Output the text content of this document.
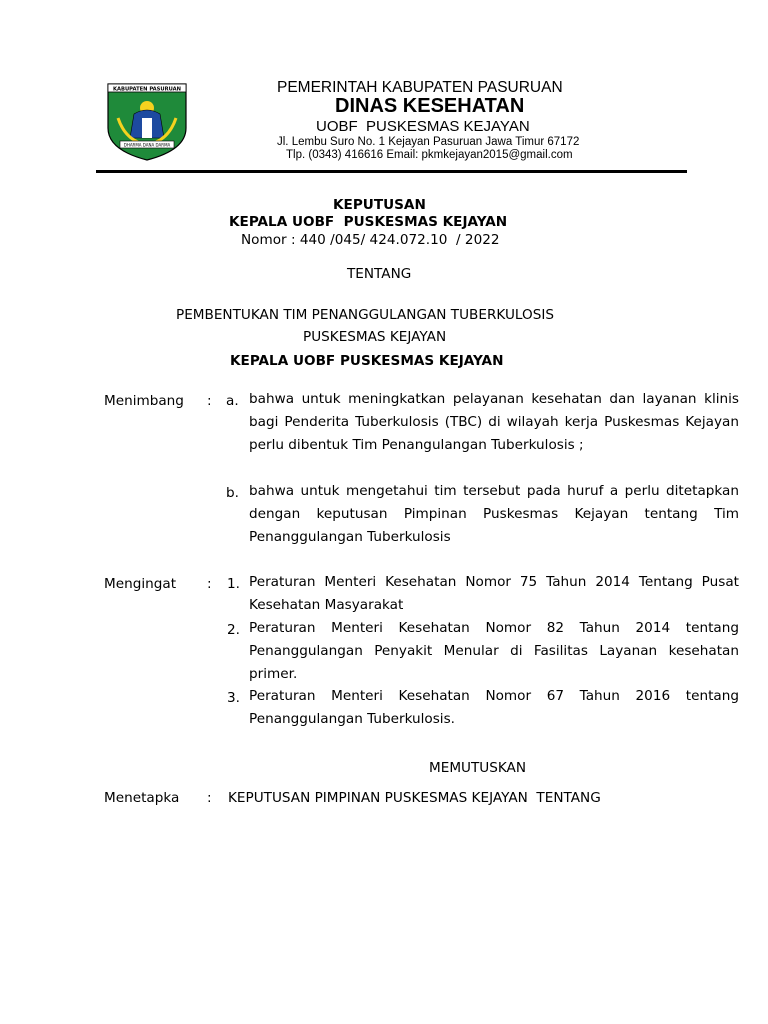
KABUPATEN PASURUAN
DHARMA DANA DARMA
PEMERINTAH KABUPATEN PASURUAN
DINAS KESEHATAN
UOBF  PUSKESMAS KEJAYAN
Jl. Lembu Suro No. 1 Kejayan Pasuruan Jawa Timur 67172
Tlp. (0343) 416616 Email: pkmkejayan2015@gmail.com
KEPUTUSAN
KEPALA UOBF  PUSKESMAS KEJAYAN
Nomor : 440 /045/ 424.072.10  / 2022
TENTANG
PEMBENTUKAN TIM PENANGGULANGAN TUBERKULOSIS
PUSKESMAS KEJAYAN
KEPALA UOBF PUSKESMAS KEJAYAN
Menimbang : a. bahwa untuk meningkatkan pelayanan kesehatan dan layanan klinis bagi Penderita Tuberkulosis (TBC) di wilayah kerja Puskesmas Kejayan perlu dibentuk Tim Penangulangan Tuberkulosis ;
b. bahwa untuk mengetahui tim tersebut pada huruf a perlu ditetapkan dengan keputusan Pimpinan Puskesmas Kejayan tentang Tim Penanggulangan Tuberkulosis
Mengingat : 1. Peraturan Menteri Kesehatan Nomor 75 Tahun 2014 Tentang Pusat Kesehatan Masyarakat
2. Peraturan Menteri Kesehatan Nomor 82 Tahun 2014 tentang Penanggulangan Penyakit Menular di Fasilitas Layanan kesehatan primer.
3. Peraturan Menteri Kesehatan Nomor 67 Tahun 2016 tentang Penanggulangan Tuberkulosis.
MEMUTUSKAN
Menetapka : KEPUTUSAN PIMPINAN PUSKESMAS KEJAYAN  TENTANG
